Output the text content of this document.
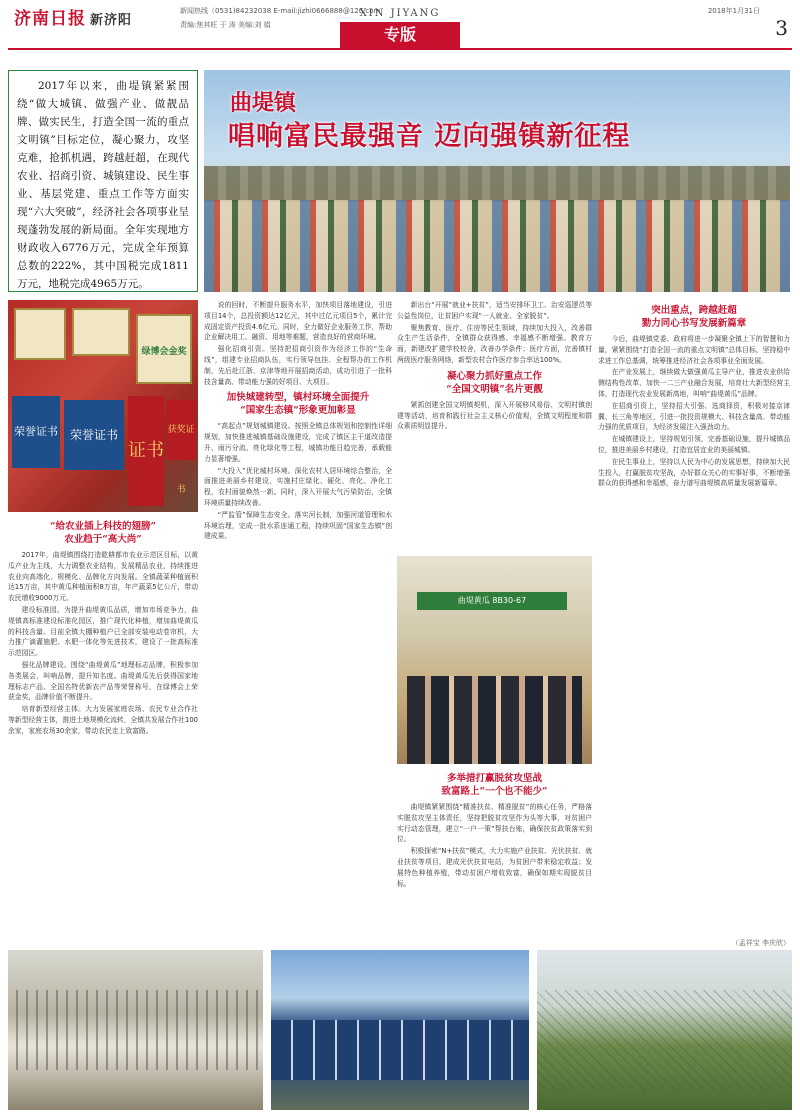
济南日报 新济阳
新闻热线（0531)84232038 E-mail:jizhi0666888@126.com
责编:焦其旺 于 涛 美编:刘 娟
XIN JIYANG	2018年1月31日
3
专版

2017年以来，曲堤镇紧紧围绕“做大城镇、做强产业、做靓品牌、做实民生，打造全国一流的重点文明镇”目标定位，凝心聚力，攻坚克难，抢抓机遇，跨越赶超，在现代农业、招商引资、城镇建设、民生事业、基层党建、重点工作等方面实现“六大突破”，经济社会各项事业呈现蓬勃发展的新局面。全年实现地方财政收入6776万元，完成全年预算总数的222%，其中国税完成1811万元，地税完成4965万元。

曲堤镇
唱响富民最强音 迈向强镇新征程
绿博会金奖
荣誉证书 荣誉证书
证书
获奖证书
“给农业插上科技的翅膀”
农业趋于“高大尚”

2017年，曲堤镇围绕打造乾耕都市农业示范区目标，以黄瓜产业为主线，大力调整农业结构，发展精品农业，持续推进农业向高端化、规模化、品牌化方向发展。全镇蔬菜种植面积达15万亩，其中黄瓜种植面积8万亩，年产蔬菜5亿公斤，带动农民增收9000万元。

建设标准园。为提升曲堤黄瓜品质，增加市场竞争力，曲堤镇高标准建设标准化园区，推广现代化种植，增加曲堤黄瓜的科技含量。目前全镇大棚种植户已全部安装电动卷帘机，大力推广滴灌施肥、水肥一体化等先进技术，建设了一批高标准示范园区。

强化品牌建设。围绕“曲堤黄瓜”地理标志品牌，积极参加各类展会，叫响品牌，提升知名度。曲堤黄瓜先后获得国家地理标志产品、全国名特优新农产品等荣誉称号，在绿博会上荣获金奖，品牌价值不断提升。

培育新型经营主体。大力发展家庭农场、农民专业合作社等新型经营主体，推进土地规模化流转，全镇共发展合作社100余家，家庭农场30余家，带动农民走上致富路。

说的回时，不断提升服务水平，加快项目落地建设，引进项目14个，总投资额达12亿元，其中过亿元项目5个，累计完成固定资产投资4.6亿元。同时，全力做好企业服务工作，帮助企业解决用工、融资、用地等难题，营造良好的营商环境。

强化招商引资。坚持把招商引资作为经济工作的“生命线”，组建专业招商队伍，实行领导包挂、全程帮办的工作机制，先后赴江浙、京津等地开展招商活动，成功引进了一批科技含量高、带动能力强的好项目、大项目。

加快城建转型，镇村环境全面提升
“国家生态镇”形象更加彰显

“高起点”规划城镇建设。按照全镇总体规划和控制性详细规划，加快推进城镇基础设施建设，完成了镇区主干道改造提升、雨污分流、亮化绿化等工程，城镇功能日趋完善，承载能力显著增强。

“大投入”优化城村环境。深化农村人居环境综合整治，全面推进美丽乡村建设，实施村庄绿化、硬化、亮化、净化工程，农村面貌焕然一新。同时，深入开展大气污染防治，全镇环境质量持续改善。

“严监管”保障生态安全。落实河长制，加强河道管理和水环境治理，完成一批水系连通工程，持续巩固“国家生态镇”创建成果。

新出台“开展”就业+扶贫”，适当安排环卫工、治安巡逻员等公益性岗位，让贫困户实现“一人就业、全家脱贫”。

聚焦教育、医疗、住房等民生领域，持续加大投入，改善群众生产生活条件，全镇群众获得感、幸福感不断增强。教育方面，新建改扩建学校校舍，改善办学条件；医疗方面，完善镇村两级医疗服务网络，新型农村合作医疗参合率达100%。

凝心聚力抓好重点工作
“全国文明镇”名片更靓

紧抓创建全国文明镇契机，深入开展移风易俗、文明村镇创建等活动，培育和践行社会主义核心价值观，全镇文明程度和群众素质明显提升。

曲堤黄瓜 8B30-67
多举措打赢脱贫攻坚战
致富路上“一个也不能少”

曲堤镇紧紧围绕“精准扶贫、精准脱贫”的核心任务，严格落实脱贫攻坚主体责任，坚持把脱贫攻坚作为头等大事，对贫困户实行动态管理，建立“一户一策”帮扶台账，确保扶贫政策落实到位。

积极探索“N+扶贫”模式，大力实施产业扶贫、光伏扶贫、就业扶贫等项目，建成光伏扶贫电站，为贫困户带来稳定收益；发展特色种植养殖，带动贫困户增收致富，确保如期实现脱贫目标。

突出重点，跨越赶超
勠力同心书写发展新篇章

今后，曲堤镇党委、政府将进一步凝聚全镇上下的智慧和力量，紧紧围绕“打造全国一流的重点文明镇”总体目标，坚持稳中求进工作总基调，统筹推进经济社会各项事业全面发展。

在产业发展上，继续做大做强黄瓜主导产业，推进农业供给侧结构性改革，加快一二三产业融合发展，培育壮大新型经营主体，打造现代农业发展新高地，叫响“曲堤黄瓜”品牌。

在招商引资上，坚持招大引强、选商择资，积极对接京津冀、长三角等地区，引进一批投资规模大、科技含量高、带动能力强的优质项目，为经济发展注入强劲动力。

在城镇建设上，坚持规划引领，完善基础设施，提升城镇品位，推进美丽乡村建设，打造宜居宜业的美丽城镇。

在民生事业上，坚持以人民为中心的发展思想，持续加大民生投入，打赢脱贫攻坚战，办好群众关心的实事好事，不断增强群众的获得感和幸福感，奋力谱写曲堤镇高质量发展新篇章。

（孟祥宝 李庆欣）
